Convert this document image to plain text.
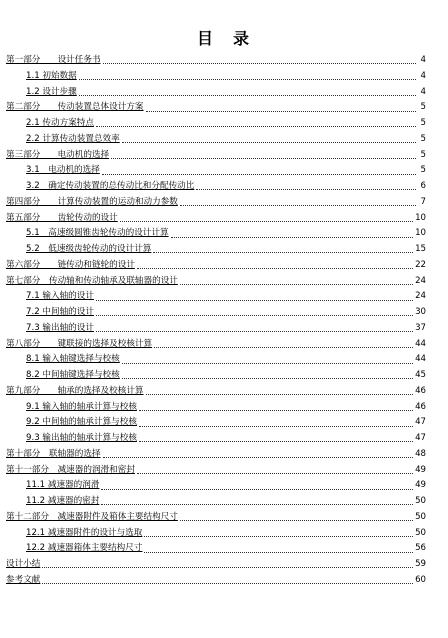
目　录
第一部分　　设计任务书	4
1.1 初始数据	4
1.2 设计步骤	4
第二部分　　传动装置总体设计方案	5
2.1 传动方案特点	5
2.2 计算传动装置总效率	5
第三部分　　电动机的选择	5
3.1　电动机的选择	5
3.2　确定传动装置的总传动比和分配传动比	6
第四部分　　计算传动装置的运动和动力参数	7
第五部分　　齿轮传动的设计	10
5.1　高速级圆锥齿轮传动的设计计算	10
5.2　低速级齿轮传动的设计计算	15
第六部分　　链传动和链轮的设计	22
第七部分　传动轴和传动轴承及联轴器的设计	24
7.1 输入轴的设计	24
7.2 中间轴的设计	30
7.3 输出轴的设计	37
第八部分　　键联接的选择及校核计算	44
8.1 输入轴键选择与校核	44
8.2 中间轴键选择与校核	45
第九部分　　轴承的选择及校核计算	46
9.1 输入轴的轴承计算与校核	46
9.2 中间轴的轴承计算与校核	47
9.3 输出轴的轴承计算与校核	47
第十部分　联轴器的选择	48
第十一部分　减速器的润滑和密封	49
11.1 减速器的润滑	49
11.2 减速器的密封	50
第十二部分　减速器附件及箱体主要结构尺寸	50
12.1 减速器附件的设计与选取	50
12.2 减速器箱体主要结构尺寸	56
设计小结	59
参考文献	60
